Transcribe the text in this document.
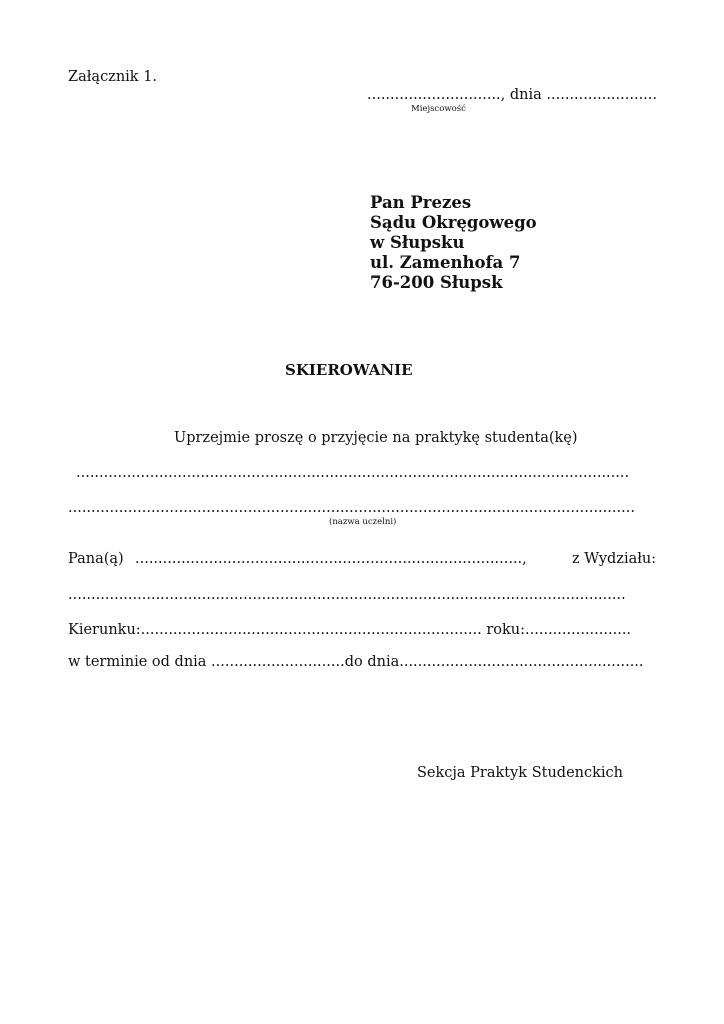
Załącznik 1.
............................., dnia ........................
Miejscowość
Pan Prezes
Sądu Okręgowego
w Słupsku
ul. Zamenhofa 7
76-200 Słupsk
SKIEROWANIE
Uprzejmie proszę o przyjęcie na praktykę studenta(kę)
........................................................................................................................
...........................................................................................................................
(nazwa uczelni)
Pana(ą) ....................................................................................,	z Wydziału:
.........................................................................................................................
Kierunku:.......................................................................... roku:.......................
w terminie od dnia .............................do dnia.....................................................
Sekcja Praktyk Studenckich
